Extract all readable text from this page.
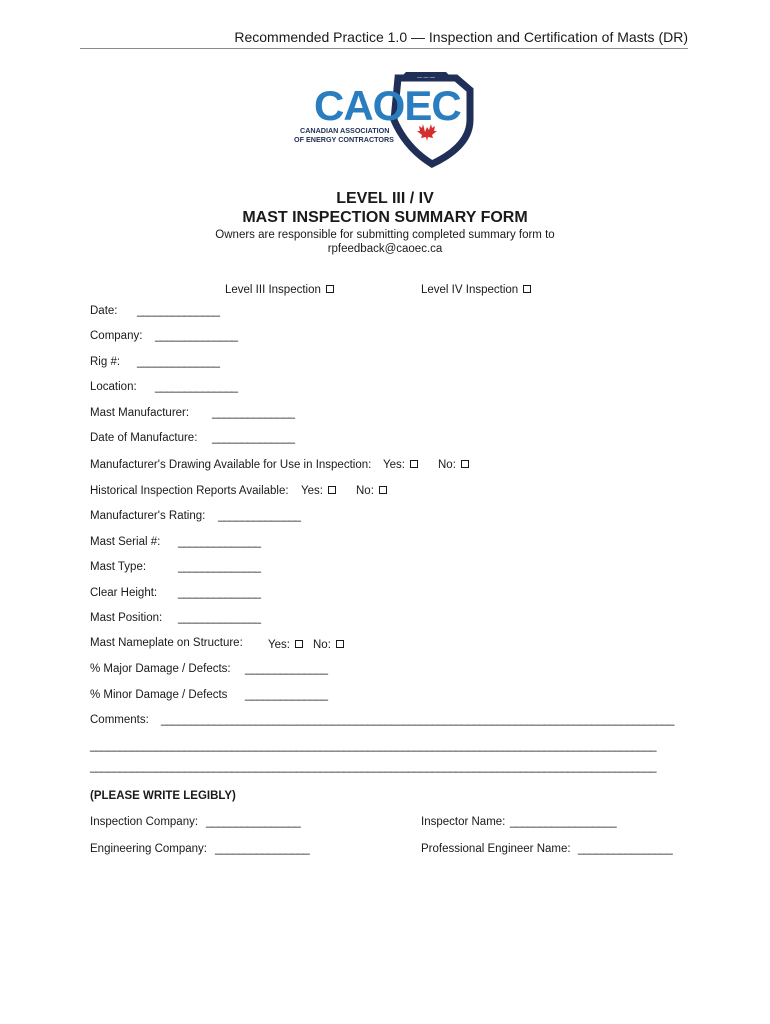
Recommended Practice 1.0 — Inspection and Certification of Masts (DR)
— — —
CAOEC
CANADIAN ASSOCIATION
OF ENERGY CONTRACTORS
LEVEL III / IV
MAST INSPECTION SUMMARY FORM
Owners are responsible for submitting completed summary form to
rpfeedback@caoec.ca
Level III Inspection	Level IV Inspection
Date: ______________
Company: ______________
Rig #: ______________
Location: ______________
Mast Manufacturer: ______________
Date of Manufacture: ______________
Manufacturer's Drawing Available for Use in Inspection: Yes:	No:
Historical Inspection Reports Available: Yes:	No:
Manufacturer's Rating: ______________
Mast Serial #: ______________
Mast Type:	______________
Clear Height: ______________
Mast Position: ______________
Mast Nameplate on Structure: Yes:	No:
% Major Damage / Defects: ______________
% Minor Damage / Defects ______________
Comments: _______________________________________________________________________________________
________________________________________________________________________________________________
________________________________________________________________________________________________
(PLEASE WRITE LEGIBLY)
Inspection Company: ________________	Inspector Name: __________________
Engineering Company: ________________	Professional Engineer Name: ________________
